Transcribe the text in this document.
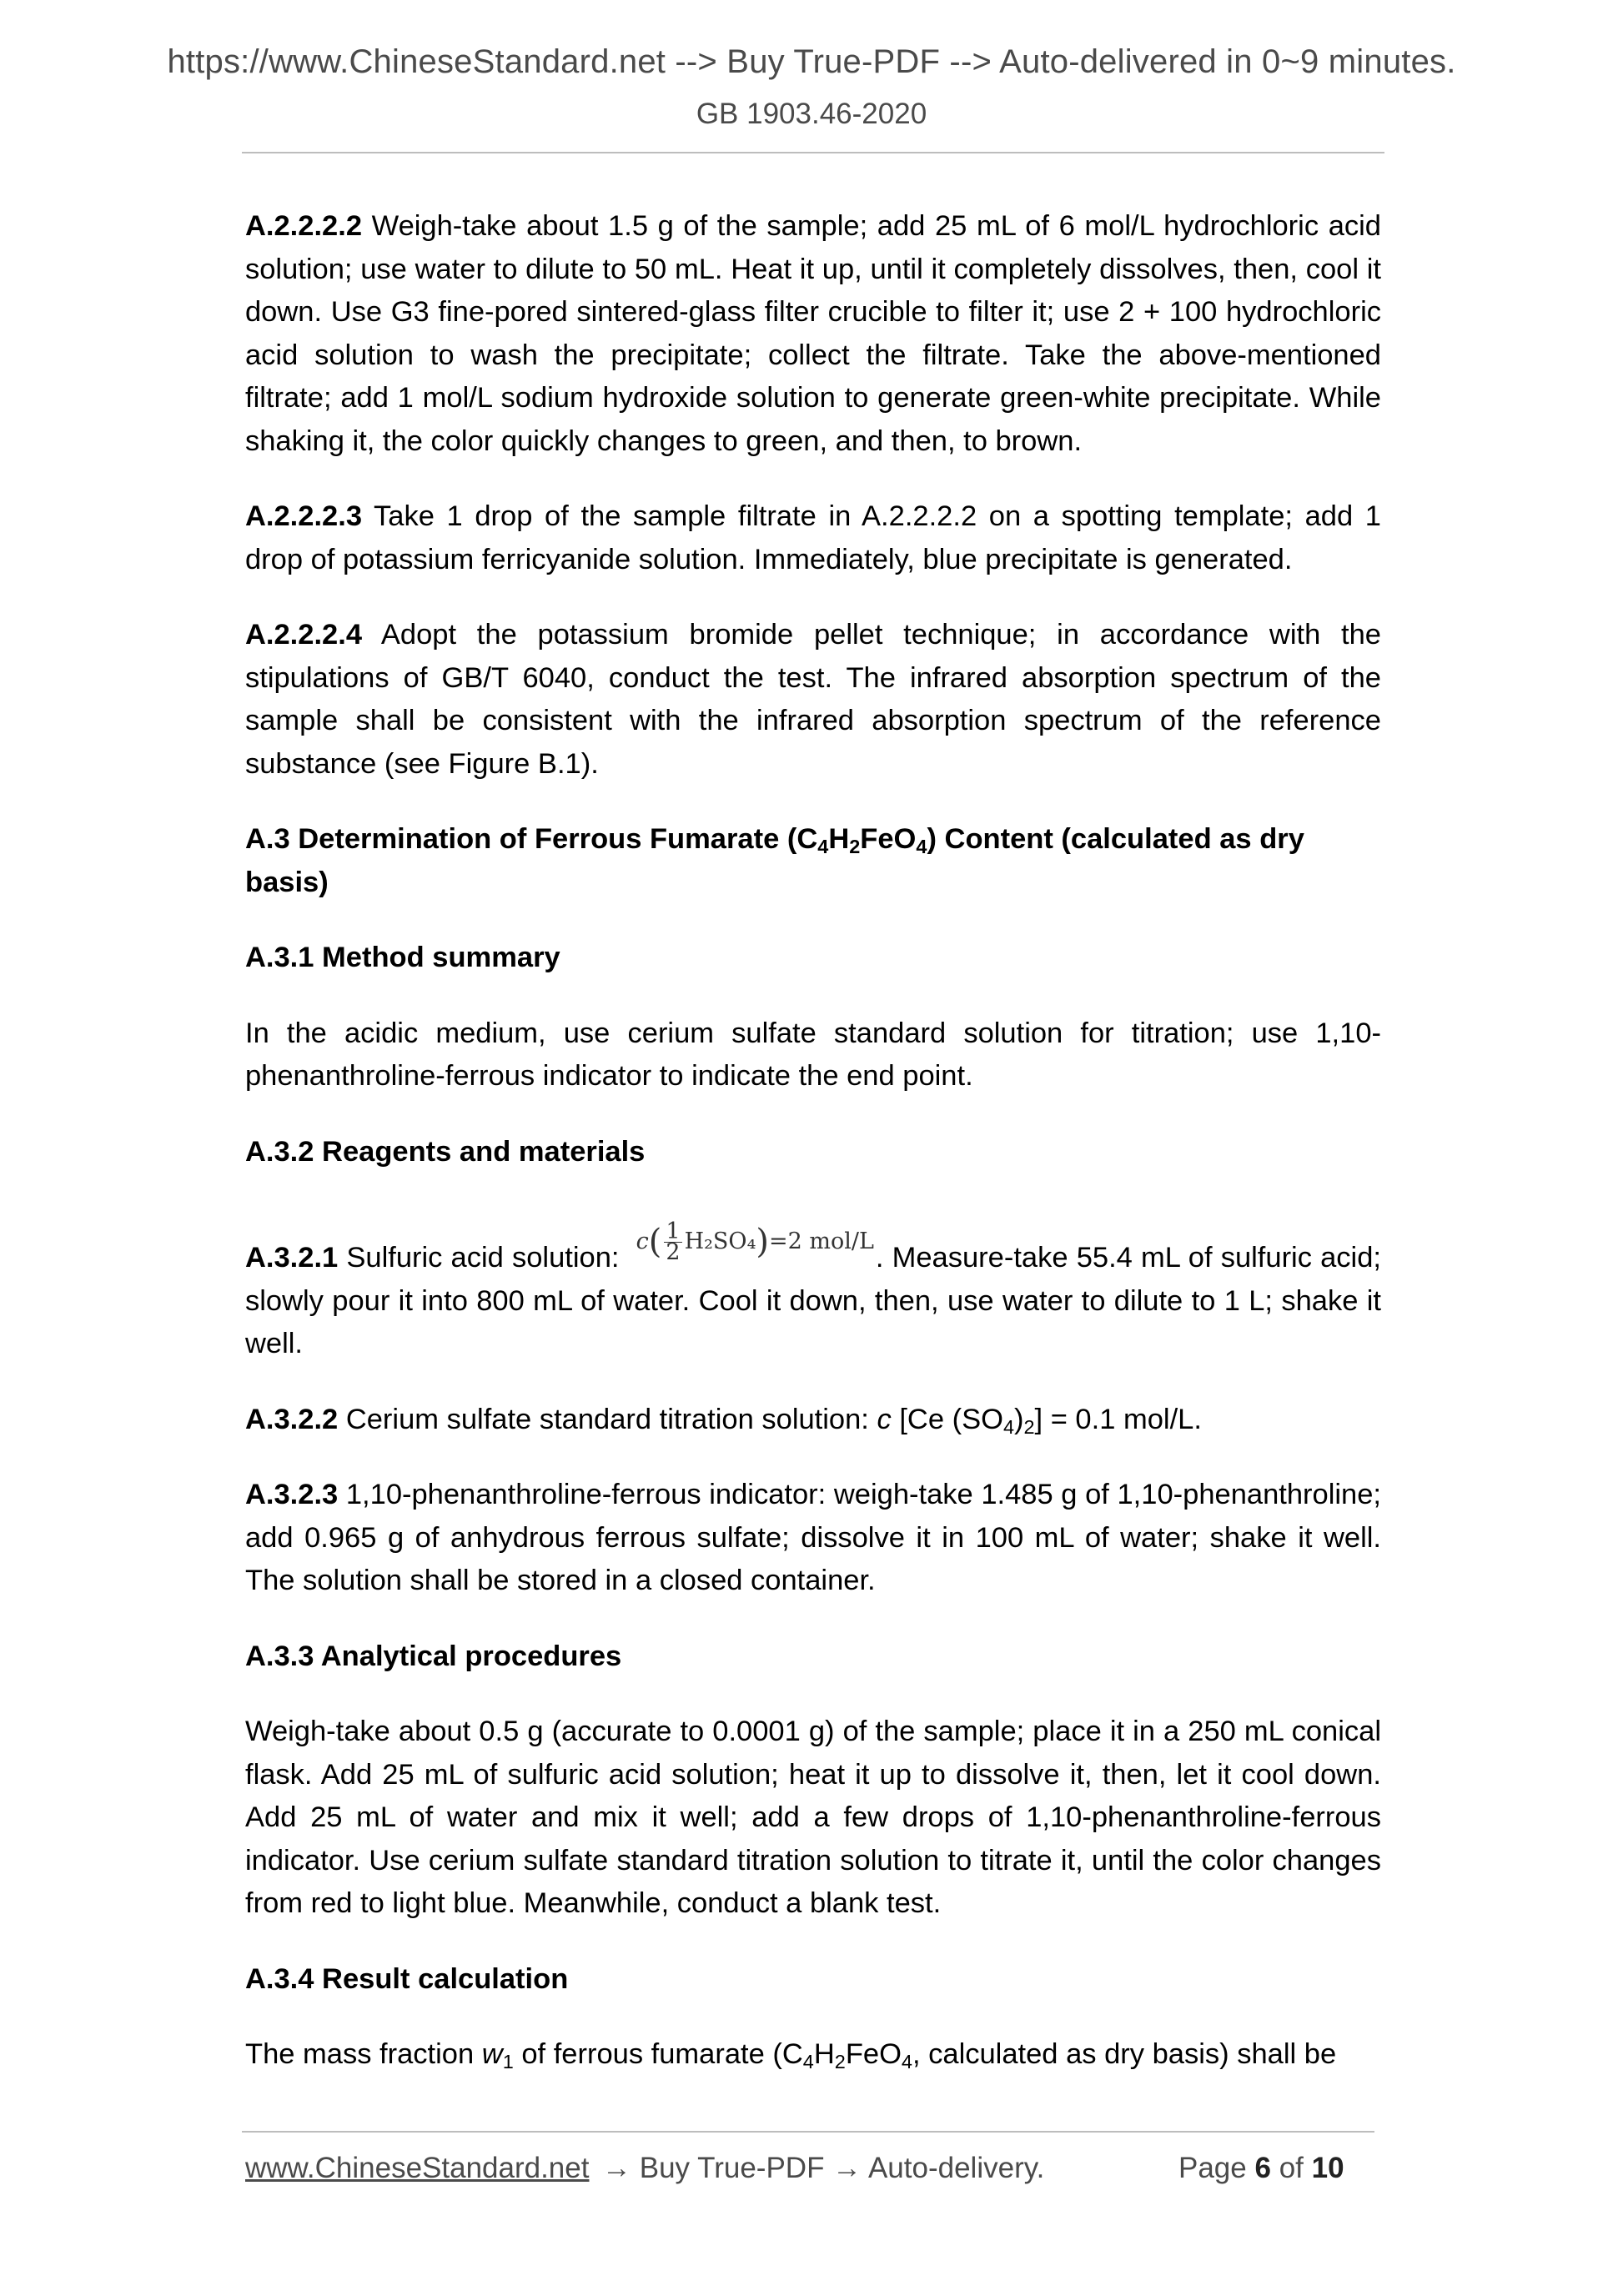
https://www.ChineseStandard.net --> Buy True-PDF --> Auto-delivered in 0~9 minutes.
GB 1903.46-2020

A.2.2.2.2 Weigh-take about 1.5 g of the sample; add 25 mL of 6 mol/L hydrochloric acid solution; use water to dilute to 50 mL. Heat it up, until it completely dissolves, then, cool it down. Use G3 fine-pored sintered-glass filter crucible to filter it; use 2 + 100 hydrochloric acid solution to wash the precipitate; collect the filtrate. Take the above-mentioned filtrate; add 1 mol/L sodium hydroxide solution to generate green-white precipitate. While shaking it, the color quickly changes to green, and then, to brown.

A.2.2.2.3 Take 1 drop of the sample filtrate in A.2.2.2.2 on a spotting template; add 1 drop of potassium ferricyanide solution. Immediately, blue precipitate is generated.

A.2.2.2.4 Adopt the potassium bromide pellet technique; in accordance with the stipulations of GB/T 6040, conduct the test. The infrared absorption spectrum of the sample shall be consistent with the infrared absorption spectrum of the reference substance (see Figure B.1).

A.3 Determination of Ferrous Fumarate $(C_4H_2FeO_4)$ Content (calculated as dry basis)

A.3.1 Method summary

In the acidic medium, use cerium sulfate standard solution for titration; use 1,10-phenanthroline-ferrous indicator to indicate the end point.

A.3.2 Reagents and materials

A.3.2.1 Sulfuric acid solution: $c( \frac{1}{2} H_2SO_4)=2$ mol/L. Measure-take 55.4 mL of sulfuric acid; slowly pour it into 800 mL of water. Cool it down, then, use water to dilute to 1 L; shake it well.

A.3.2.2 Cerium sulfate standard titration solution: c [Ce $(SO_4)_2] = 0.1$ mol/L.

A.3.2.3 1,10-phenanthroline-ferrous indicator: weigh-take 1.485 g of 1,10-phenanthroline; add 0.965 g of anhydrous ferrous sulfate; dissolve it in 100 mL of water; shake it well. The solution shall be stored in a closed container.

A.3.3 Analytical procedures

Weigh-take about 0.5 g (accurate to 0.0001 g) of the sample; place it in a 250 mL conical flask. Add 25 mL of sulfuric acid solution; heat it up to dissolve it, then, let it cool down. Add 25 mL of water and mix it well; add a few drops of 1,10-phenanthroline-ferrous indicator. Use cerium sulfate standard titration solution to titrate it, until the color changes from red to light blue. Meanwhile, conduct a blank test.

A.3.4 Result calculation

The mass fraction $w_1$ of ferrous fumarate ($C_4H_2FeO_4$, calculated as dry basis) shall be

www.ChineseStandard.net → Buy True-PDF → Auto-delivery.	Page 6 of 10
